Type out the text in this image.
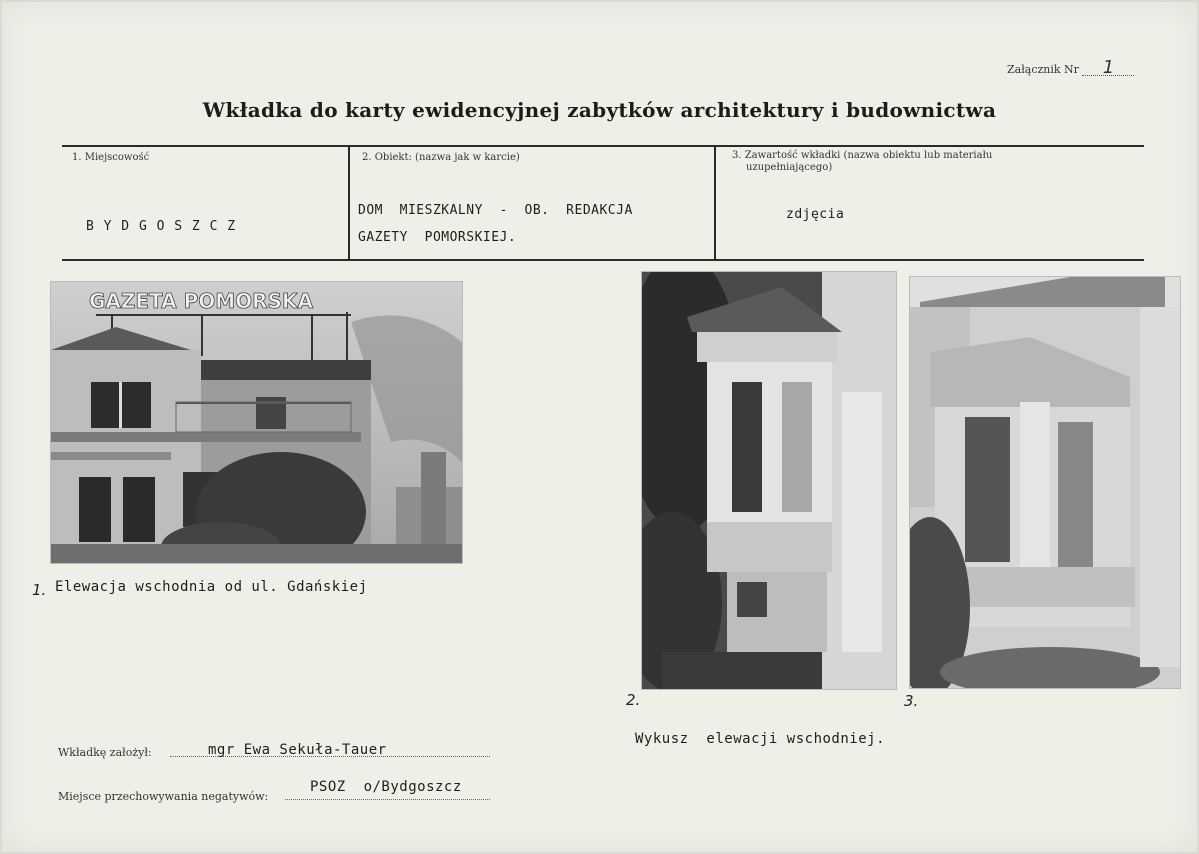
Załącznik Nr 1
Wkładka do karty ewidencyjnej zabytków architektury i budownictwa
1. Miejscowość
B Y D G O S Z C Z
2. Obiekt: (nazwa jak w karcie)
DOM  MIESZKALNY  -  OB.  REDAKCJA
GAZETY  POMORSKIEJ.
3. Zawartość wkładki (nazwa obiektu lub materiału
uzupełniającego)
zdjęcia
GAZETA POMORSKA
1. Elewacja wschodnia od ul. Gdańskiej
2.	3.
Wykusz  elewacji wschodniej.
Wkładkę założył:	mgr Ewa Sekuła-Tauer
Miejsce przechowywania negatywów:
PSOZ  o/Bydgoszcz
